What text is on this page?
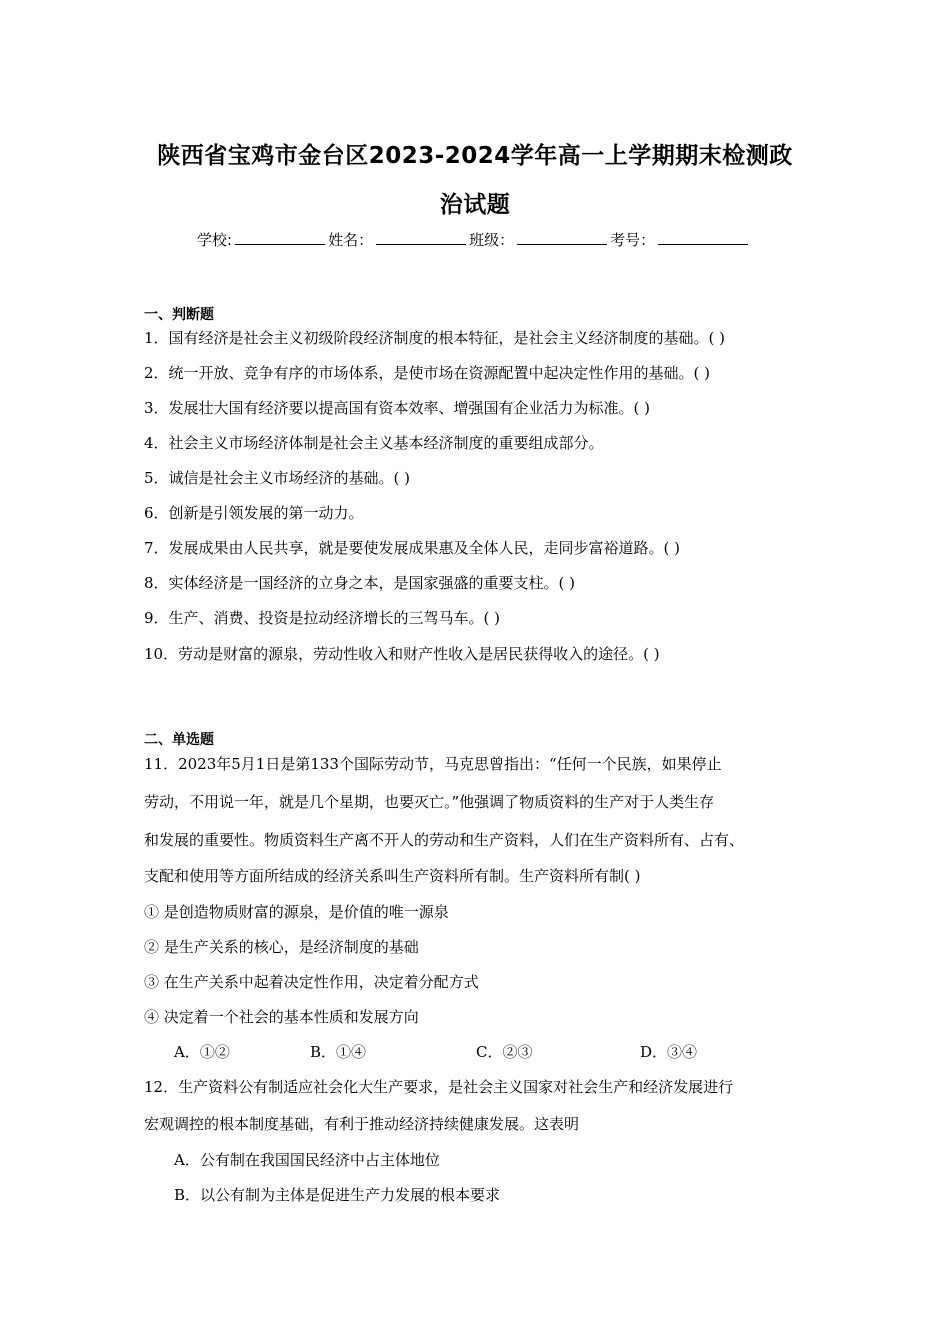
陕西省宝鸡市金台区2023-2024学年高一上学期期末检测政
治试题
学校:	姓名：	班级：	考号：
一、判断题
1．国有经济是社会主义初级阶段经济制度的根本特征，是社会主义经济制度的基础。( )
2．统一开放、竞争有序的市场体系，是使市场在资源配置中起决定性作用的基础。( )
3．发展壮大国有经济要以提高国有资本效率、增强国有企业活力为标准。( )
4．社会主义市场经济体制是社会主义基本经济制度的重要组成部分。
5．诚信是社会主义市场经济的基础。( )
6．创新是引领发展的第一动力。
7．发展成果由人民共享，就是要使发展成果惠及全体人民，走同步富裕道路。( )
8．实体经济是一国经济的立身之本，是国家强盛的重要支柱。( )
9．生产、消费、投资是拉动经济增长的三驾马车。( )
10．劳动是财富的源泉，劳动性收入和财产性收入是居民获得收入的途径。( )
二、单选题
11．2023年5月1日是第133个国际劳动节，马克思曾指出：“任何一个民族，如果停止
劳动，不用说一年，就是几个星期，也要灭亡。”他强调了物质资料的生产对于人类生存
和发展的重要性。物质资料生产离不开人的劳动和生产资料，人们在生产资料所有、占有、
支配和使用等方面所结成的经济关系叫生产资料所有制。生产资料所有制( )
① 是创造物质财富的源泉，是价值的唯一源泉
② 是生产关系的核心，是经济制度的基础
③ 在生产关系中起着决定性作用，决定着分配方式
④ 决定着一个社会的基本性质和发展方向
A．①②	B．①④	C．②③	D．③④
12．生产资料公有制适应社会化大生产要求，是社会主义国家对社会生产和经济发展进行
宏观调控的根本制度基础，有利于推动经济持续健康发展。这表明
A．公有制在我国国民经济中占主体地位
B．以公有制为主体是促进生产力发展的根本要求
